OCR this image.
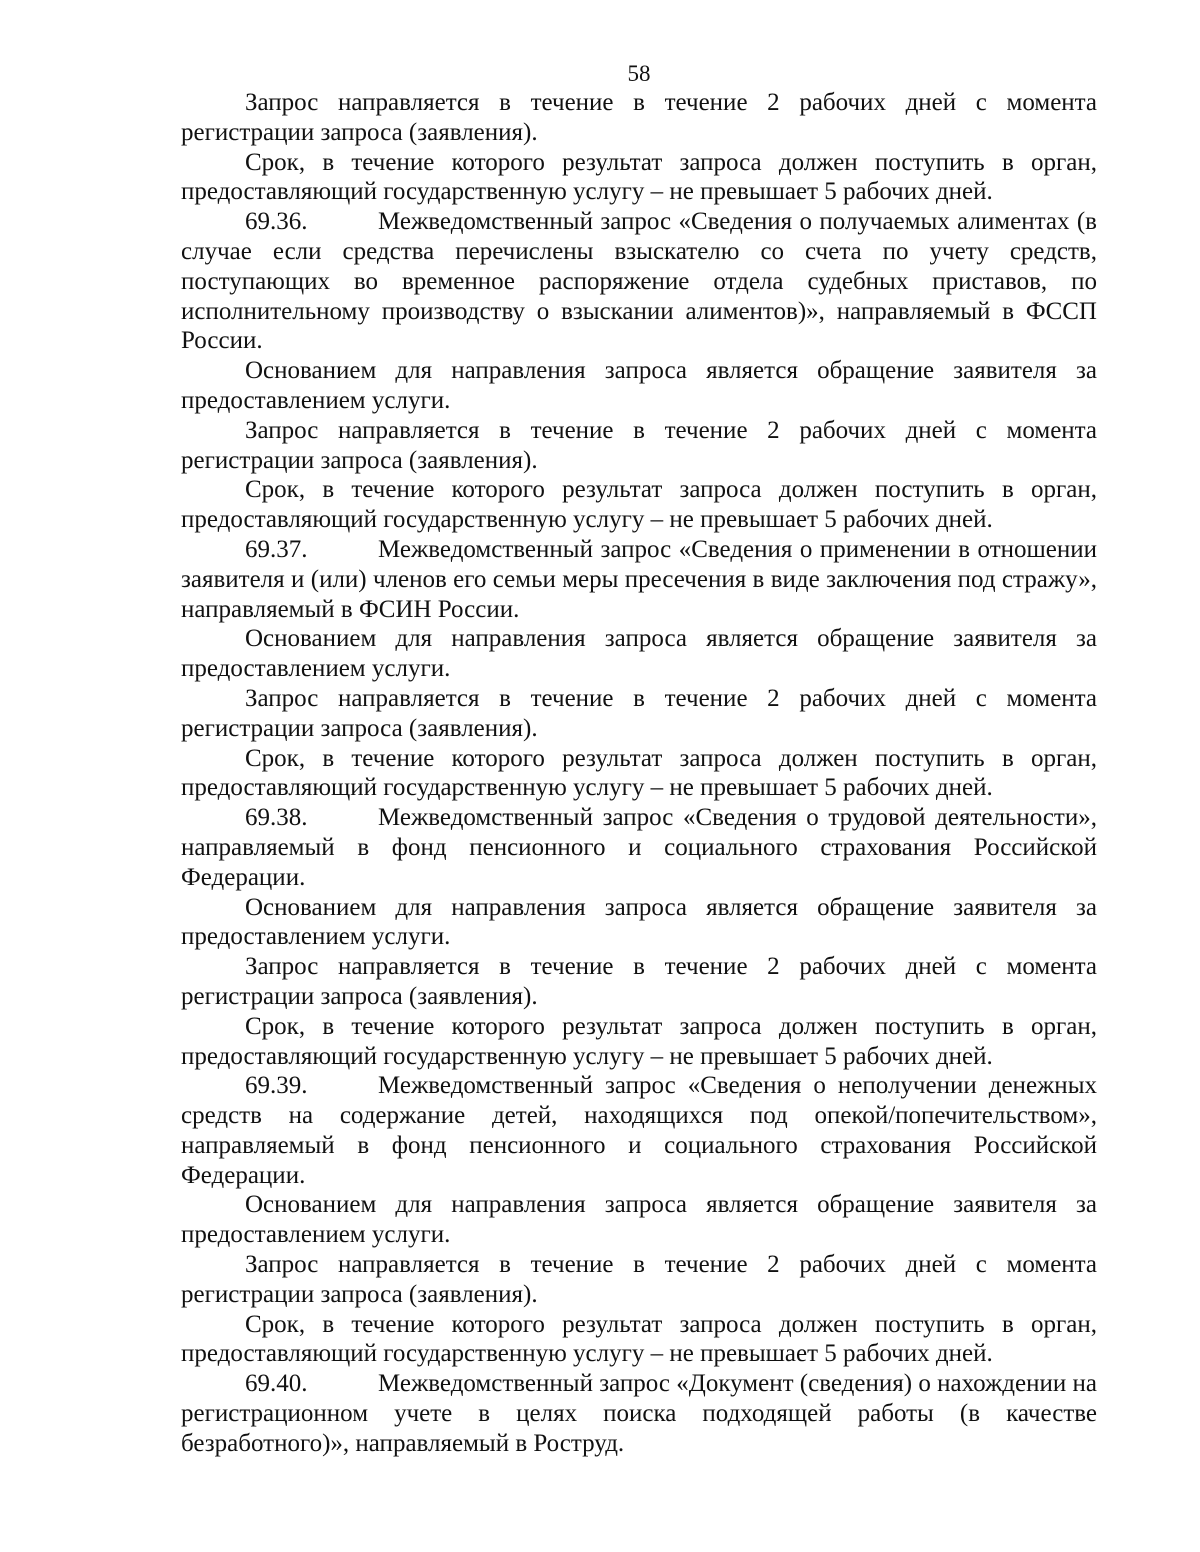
58

Запрос направляется в течение в течение 2 рабочих дней с момента регистрации запроса (заявления).

Срок, в течение которого результат запроса должен поступить в орган, предоставляющий государственную услугу – не превышает 5 рабочих дней.

69.36.	Межведомственный запрос «Сведения о получаемых алиментах (в случае если средства перечислены взыскателю со счета по учету средств, поступающих во временное распоряжение отдела судебных приставов, по исполнительному производству о взыскании алиментов)», направляемый в ФССП России.

Основанием для направления запроса является обращение заявителя за предоставлением услуги.

Запрос направляется в течение в течение 2 рабочих дней с момента регистрации запроса (заявления).

Срок, в течение которого результат запроса должен поступить в орган, предоставляющий государственную услугу – не превышает 5 рабочих дней.

69.37.	Межведомственный запрос «Сведения о применении в отношении заявителя и (или) членов его семьи меры пресечения в виде заключения под стражу», направляемый в ФСИН России.

Основанием для направления запроса является обращение заявителя за предоставлением услуги.

Запрос направляется в течение в течение 2 рабочих дней с момента регистрации запроса (заявления).

Срок, в течение которого результат запроса должен поступить в орган, предоставляющий государственную услугу – не превышает 5 рабочих дней.

69.38.	Межведомственный запрос «Сведения о трудовой деятельности», направляемый в фонд пенсионного и социального страхования Российской Федерации.

Основанием для направления запроса является обращение заявителя за предоставлением услуги.

Запрос направляется в течение в течение 2 рабочих дней с момента регистрации запроса (заявления).

Срок, в течение которого результат запроса должен поступить в орган, предоставляющий государственную услугу – не превышает 5 рабочих дней.

69.39.	Межведомственный запрос «Сведения о неполучении денежных средств на содержание детей, находящихся под опекой/попечительством», направляемый в фонд пенсионного и социального страхования Российской Федерации.

Основанием для направления запроса является обращение заявителя за предоставлением услуги.

Запрос направляется в течение в течение 2 рабочих дней с момента регистрации запроса (заявления).

Срок, в течение которого результат запроса должен поступить в орган, предоставляющий государственную услугу – не превышает 5 рабочих дней.

69.40.	Межведомственный запрос «Документ (сведения) о нахождении на регистрационном учете в целях поиска подходящей работы (в качестве безработного)», направляемый в Роструд.
